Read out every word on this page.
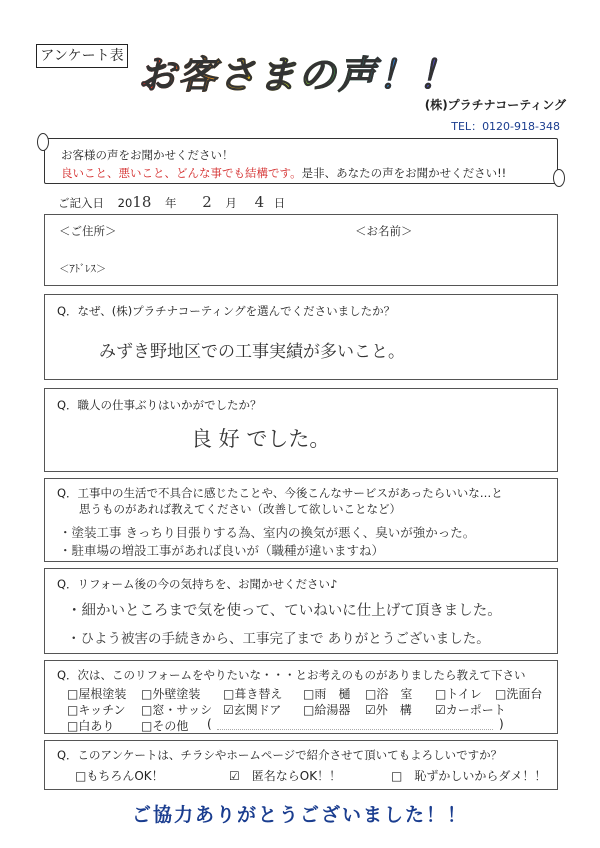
アンケート表 お客さまの声！！
(株)プラチナコーティング
TEL：0120-918-348
お客様の声をお聞かせください！
良いこと、悪いこと、どんな事でも結構です。是非、あなたの声をお聞かせください!!
ご記入日 2018 年 2 月 4 日
＜ご住所＞	＜お名前＞
＜ｱﾄﾞﾚｽ＞
Q．なぜ、(株)プラチナコーティングを選んでくださいましたか？
みずき野地区での工事実績が多いこと。
Q．職人の仕事ぶりはいかがでしたか？
良 好 でした。
Q．工事中の生活で不具合に感じたことや、今後こんなサービスがあったらいいな…と
思うものがあれば教えてください（改善して欲しいことなど）
・塗装工事 きっちり目張りする為、室内の換気が悪く、臭いが強かった。
・駐車場の増設工事があれば良いが（職種が違いますね）
Q．リフォーム後の今の気持ちを、お聞かせください♪
・細かいところまで気を使って、ていねいに仕上げて頂きました。
・ひよう被害の手続きから、工事完了まで ありがとうございました。
Q．次は、このリフォームをやりたいな・・・とお考えのものがありましたら教えて下さい
□屋根塗装 □外壁塗装 □葺き替え □雨　樋 □浴　室 □トイレ □洗面台
□キッチン □窓・サッシ ☑玄関ドア □給湯器 ☑外　構 ☑カーポート
□白あり □その他 (	)
Q．このアンケートは、チラシやホームページで紹介させて頂いてもよろしいですか？
□もちろんOK！	☑　匿名ならOK！！	□　恥ずかしいからダメ！！
ご協力ありがとうございました！！
